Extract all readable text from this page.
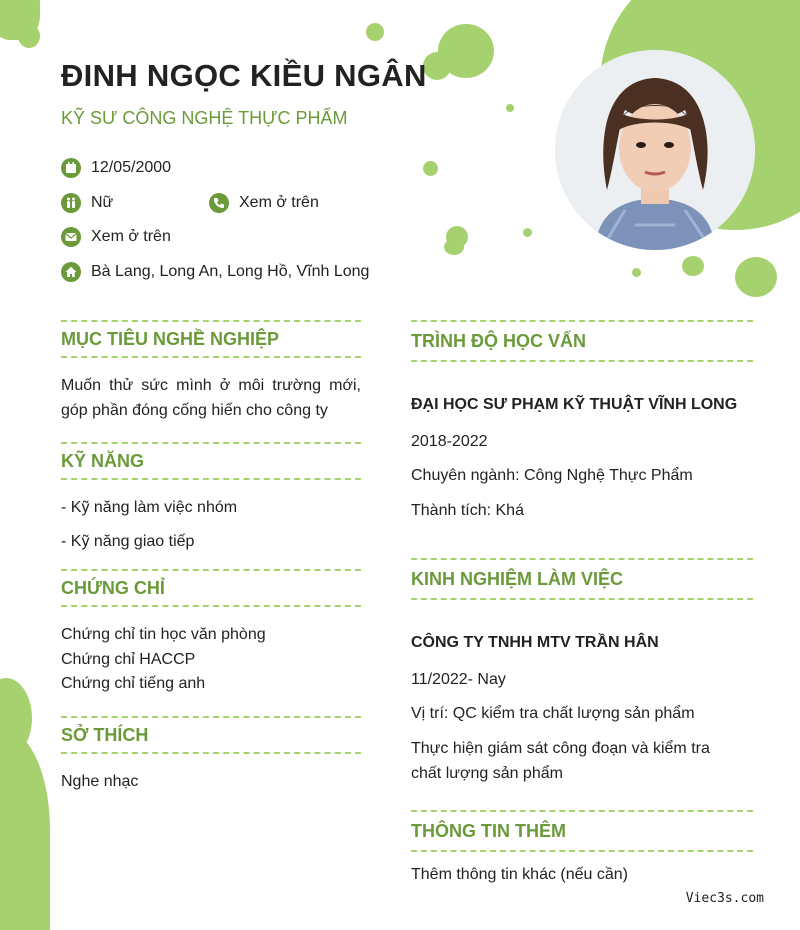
ĐINH NGỌC KIỀU NGÂN
KỸ SƯ CÔNG NGHỆ THỰC PHẨM
12/05/2000
Nữ	Xem ở trên
Xem ở trên
Bà Lang, Long An, Long Hồ, Vĩnh Long
MỤC TIÊU NGHỀ NGHIỆP
Muốn thử sức mình ở môi trường mới, góp phần đóng cống hiến cho công ty
KỸ NĂNG
- Kỹ năng làm việc nhóm
- Kỹ năng giao tiếp
CHỨNG CHỈ
Chứng chỉ tin học văn phòng
Chứng chỉ HACCP
Chứng chỉ tiếng anh
SỞ THÍCH
Nghe nhạc
TRÌNH ĐỘ HỌC VẤN
ĐẠI HỌC SƯ PHẠM KỸ THUẬT VĨNH LONG
2018-2022
Chuyên ngành: Công Nghệ Thực Phẩm
Thành tích: Khá
KINH NGHIỆM LÀM VIỆC
CÔNG TY TNHH MTV TRẦN HÂN
11/2022- Nay
Vị trí: QC kiểm tra chất lượng sản phẩm
Thực hiện giám sát công đoạn và kiểm tra chất lượng sản phẩm
THÔNG TIN THÊM
Thêm thông tin khác (nếu cần)
Viec3s.com
